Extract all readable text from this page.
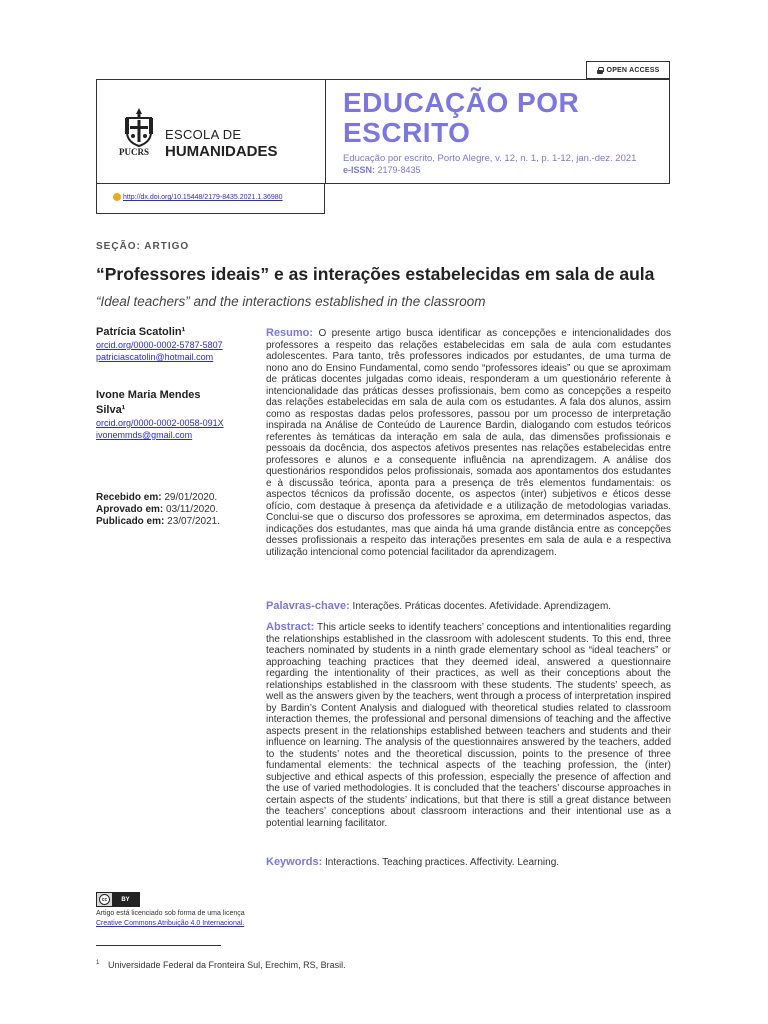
OPEN ACCESS
PUCRS
ESCOLA DE
HUMANIDADES
EDUCAÇÃO POR
ESCRITO
Educação por escrito, Porto Alegre, v. 12, n. 1, p. 1-12, jan.-dez. 2021
e-ISSN: 2179-8435
http://dx.doi.org/10.15448/2179-8435.2021.1.36980
SEÇÃO: ARTIGO
“Professores ideais” e as interações estabelecidas em sala de aula
“Ideal teachers” and the interactions established in the classroom
Patrícia Scatolin¹
orcid.org/0000-0002-5787-5807
patriciascatolin@hotmail.com
Ivone Maria Mendes
Silva¹
orcid.org/0000-0002-0058-091X
ivonemmds@gmail.com
Recebido em: 29/01/2020.
Aprovado em: 03/11/2020.
Publicado em: 23/07/2021.
Resumo: O presente artigo busca identificar as concepções e intencionalidades dos professores a respeito das relações estabelecidas em sala de aula com estudantes adolescentes. Para tanto, três professores indicados por estudantes, de uma turma de nono ano do Ensino Fundamental, como sendo “professores ideais” ou que se aproximam de práticas docentes julgadas como ideais, responderam a um questionário referente à intencionalidade das práticas desses profissionais, bem como as concepções a respeito das relações estabelecidas em sala de aula com os estudantes. A fala dos alunos, assim como as respostas dadas pelos professores, passou por um processo de interpretação inspirada na Análise de Conteúdo de Laurence Bardin, dialogando com estudos teóricos referentes às temáticas da interação em sala de aula, das dimensões profissionais e pessoais da docência, dos aspectos afetivos presentes nas relações estabelecidas entre professores e alunos e a consequente influência na aprendizagem. A análise dos questionários respondidos pelos profissionais, somada aos apontamentos dos estudantes e à discussão teórica, aponta para a presença de três elementos fundamentais: os aspectos técnicos da profissão docente, os aspectos (inter) subjetivos e éticos desse ofício, com destaque à presença da afetividade e a utilização de metodologias variadas. Conclui-se que o discurso dos professores se aproxima, em determinados aspectos, das indicações dos estudantes, mas que ainda há uma grande distância entre as concepções desses profissionais a respeito das interações presentes em sala de aula e a respectiva utilização intencional como potencial facilitador da aprendizagem.
Palavras-chave: Interações. Práticas docentes. Afetividade. Aprendizagem.
Abstract: This article seeks to identify teachers’ conceptions and intentionalities regarding the relationships established in the classroom with adolescent students. To this end, three teachers nominated by students in a ninth grade elementary school as “ideal teachers” or approaching teaching practices that they deemed ideal, answered a questionnaire regarding the intentionality of their practices, as well as their conceptions about the relationships established in the classroom with these students. The students’ speech, as well as the answers given by the teachers, went through a process of interpretation inspired by Bardin’s Content Analysis and dialogued with theoretical studies related to classroom interaction themes, the professional and personal dimensions of teaching and the affective aspects present in the relationships established between teachers and students and their influence on learning. The analysis of the questionnaires answered by the teachers, added to the students’ notes and the theoretical discussion, points to the presence of three fundamental elements: the technical aspects of the teaching profession, the (inter) subjective and ethical aspects of this profession, especially the presence of affection and the use of varied methodologies. It is concluded that the teachers’ discourse approaches in certain aspects of the students’ indications, but that there is still a great distance between the teachers’ conceptions about classroom interactions and their intentional use as a potential learning facilitator.
Keywords: Interactions. Teaching practices. Affectivity. Learning.
cc	BY
Artigo está licenciado sob forma de uma licença
Creative Commons Atribuição 4.0 Internacional.
1 Universidade Federal da Fronteira Sul, Erechim, RS, Brasil.
